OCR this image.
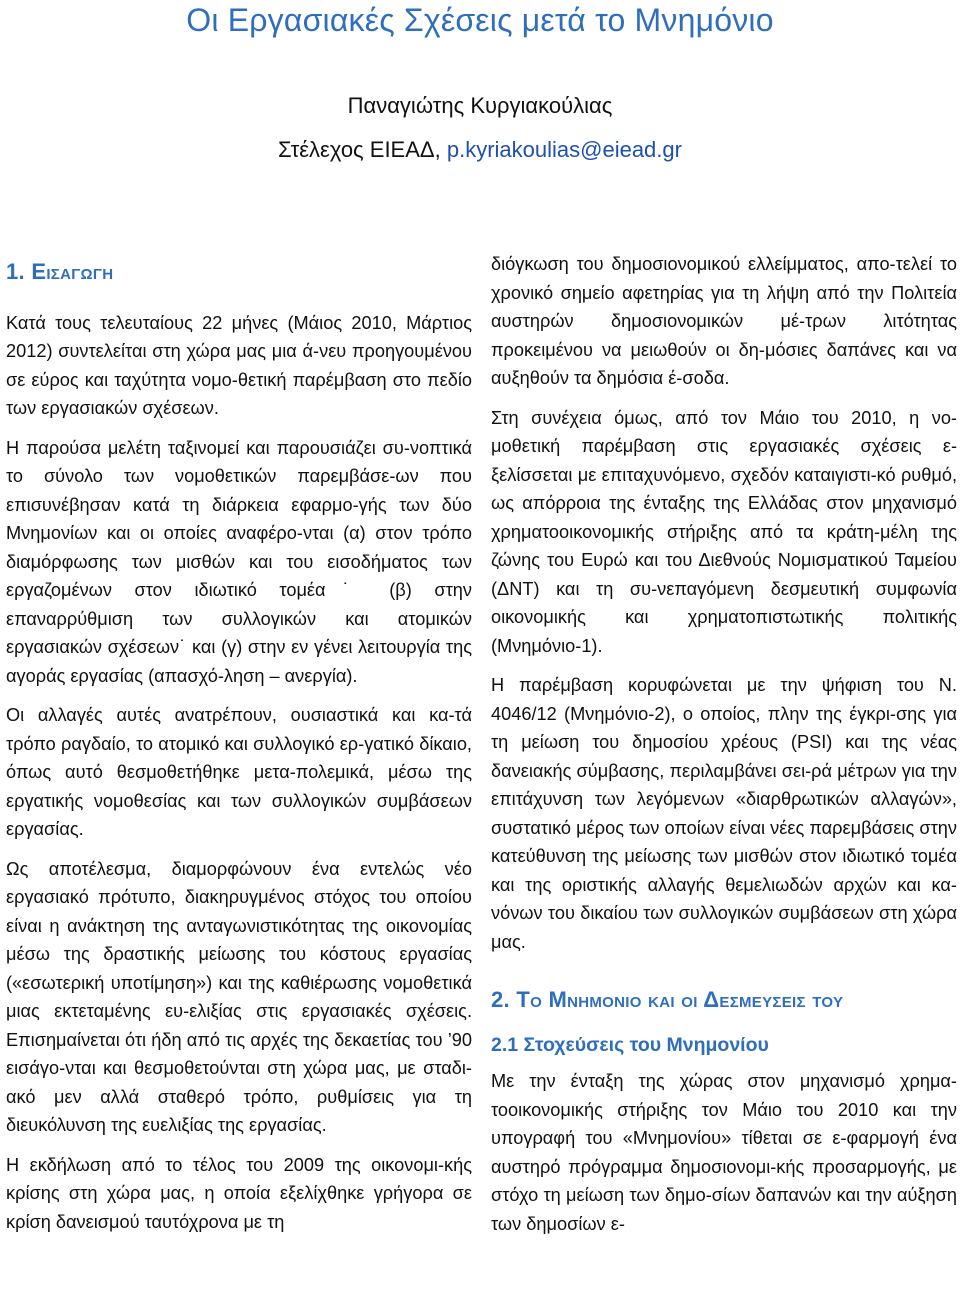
Οι Εργασιακές Σχέσεις μετά το Μνημόνιο
Παναγιώτης Κυργιακούλιας
Στέλεχος ΕΙΕΑΔ, p.kyriakoulias@eiead.gr
1. Εισαγωγη

Κατά τους τελευταίους 22 μήνες (Μάιος 2010, Μάρτιος 2012) συντελείται στη χώρα μας μια ά-νευ προηγουμένου σε εύρος και ταχύτητα νομο-θετική παρέμβαση στο πεδίο των εργασιακών σχέσεων.

Η παρούσα μελέτη ταξινομεί και παρουσιάζει συ-νοπτικά το σύνολο των νομοθετικών παρεμβάσε-ων που επισυνέβησαν κατά τη διάρκεια εφαρμο-γής των δύο Μνημονίων και οι οποίες αναφέρο-νται (α) στον τρόπο διαμόρφωσης των μισθών και του εισοδήματος των εργαζομένων στον ιδιωτικό τομέα˙ (β) στην επαναρρύθμιση των συλλογικών και ατομικών εργασιακών σχέσεων˙ και (γ) στην εν γένει λειτουργία της αγοράς εργασίας (απασχό-ληση – ανεργία).

Οι αλλαγές αυτές ανατρέπουν, ουσιαστικά και κα-τά τρόπο ραγδαίο, το ατομικό και συλλογικό ερ-γατικό δίκαιο, όπως αυτό θεσμοθετήθηκε μετα-πολεμικά, μέσω της εργατικής νομοθεσίας και των συλλογικών συμβάσεων εργασίας.

Ως αποτέλεσμα, διαμορφώνουν ένα εντελώς νέο εργασιακό πρότυπο, διακηρυγμένος στόχος του οποίου είναι η ανάκτηση της ανταγωνιστικότητας της οικονομίας μέσω της δραστικής μείωσης του κόστους εργασίας («εσωτερική υποτίμηση») και της καθιέρωσης νομοθετικά μιας εκτεταμένης ευ-ελιξίας στις εργασιακές σχέσεις. Επισημαίνεται ότι ήδη από τις αρχές της δεκαετίας του ’90 εισάγο-νται και θεσμοθετούνται στη χώρα μας, με σταδι-ακό μεν αλλά σταθερό τρόπο, ρυθμίσεις για τη διευκόλυνση της ευελιξίας της εργασίας.

Η εκδήλωση από το τέλος του 2009 της οικονομι-κής κρίσης στη χώρα μας, η οποία εξελίχθηκε γρήγορα σε κρίση δανεισμού ταυτόχρονα με τη

διόγκωση του δημοσιονομικού ελλείμματος, απο-τελεί το χρονικό σημείο αφετηρίας για τη λήψη από την Πολιτεία αυστηρών δημοσιονομικών μέ-τρων λιτότητας προκειμένου να μειωθούν οι δη-μόσιες δαπάνες και να αυξηθούν τα δημόσια έ-σοδα.

Στη συνέχεια όμως, από τον Μάιο του 2010, η νο-μοθετική παρέμβαση στις εργασιακές σχέσεις ε-ξελίσσεται με επιταχυνόμενο, σχεδόν καταιγιστι-κό ρυθμό, ως απόρροια της ένταξης της Ελλάδας στον μηχανισμό χρηματοοικονομικής στήριξης από τα κράτη-μέλη της ζώνης του Ευρώ και του Διεθνούς Νομισματικού Ταμείου (ΔΝΤ) και τη συ-νεπαγόμενη δεσμευτική συμφωνία οικονομικής και χρηματοπιστωτικής πολιτικής (Μνημόνιο-1).

Η παρέμβαση κορυφώνεται με την ψήφιση του Ν. 4046/12 (Μνημόνιο-2), ο οποίος, πλην της έγκρι-σης για τη μείωση του δημοσίου χρέους (PSI) και της νέας δανειακής σύμβασης, περιλαμβάνει σει-ρά μέτρων για την επιτάχυνση των λεγόμενων «διαρθρωτικών αλλαγών», συστατικό μέρος των οποίων είναι νέες παρεμβάσεις στην κατεύθυνση της μείωσης των μισθών στον ιδιωτικό τομέα και της οριστικής αλλαγής θεμελιωδών αρχών και κα-νόνων του δικαίου των συλλογικών συμβάσεων στη χώρα μας.

2. Το Μνημονιο και οι Δεσμευσεις του
2.1 Στοχεύσεις του Μνημονίου

Με την ένταξη της χώρας στον μηχανισμό χρημα-τοοικονομικής στήριξης τον Μάιο του 2010 και την υπογραφή του «Μνημονίου» τίθεται σε ε-φαρμογή ένα αυστηρό πρόγραμμα δημοσιονομι-κής προσαρμογής, με στόχο τη μείωση των δημο-σίων δαπανών και την αύξηση των δημοσίων ε-
